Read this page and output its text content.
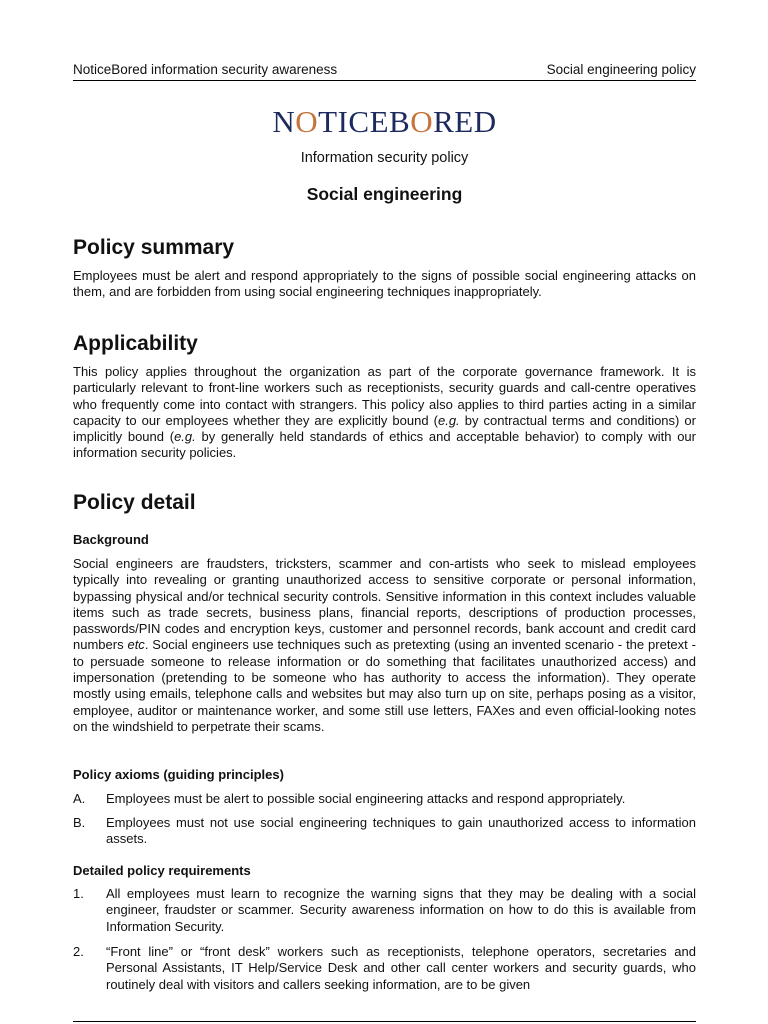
NoticeBored information security awareness	Social engineering policy
NOTICEBORED
Information security policy
Social engineering
Policy summary

Employees must be alert and respond appropriately to the signs of possible social engineering attacks on them, and are forbidden from using social engineering techniques inappropriately.

Applicability

This policy applies throughout the organization as part of the corporate governance framework. It is particularly relevant to front-line workers such as receptionists, security guards and call-centre operatives who frequently come into contact with strangers. This policy also applies to third parties acting in a similar capacity to our employees whether they are explicitly bound (e.g. by contractual terms and conditions) or implicitly bound (e.g. by generally held standards of ethics and acceptable behavior) to comply with our information security policies.

Policy detail
Background

Social engineers are fraudsters, tricksters, scammer and con-artists who seek to mislead employees typically into revealing or granting unauthorized access to sensitive corporate or personal information, bypassing physical and/or technical security controls. Sensitive information in this context includes valuable items such as trade secrets, business plans, financial reports, descriptions of production processes, passwords/PIN codes and encryption keys, customer and personnel records, bank account and credit card numbers etc. Social engineers use techniques such as pretexting (using an invented scenario - the pretext - to persuade someone to release information or do something that facilitates unauthorized access) and impersonation (pretending to be someone who has authority to access the information). They operate mostly using emails, telephone calls and websites but may also turn up on site, perhaps posing as a visitor, employee, auditor or maintenance worker, and some still use letters, FAXes and even official-looking notes on the windshield to perpetrate their scams.

Policy axioms (guiding principles)
A. Employees must be alert to possible social engineering attacks and respond appropriately.
B. Employees must not use social engineering techniques to gain unauthorized access to information assets.
Detailed policy requirements
1. All employees must learn to recognize the warning signs that they may be dealing with a social engineer, fraudster or scammer. Security awareness information on how to do this is available from Information Security.
2. “Front line” or “front desk” workers such as receptionists, telephone operators, secretaries and Personal Assistants, IT Help/Service Desk and other call center workers and security guards, who routinely deal with visitors and callers seeking information, are to be given
